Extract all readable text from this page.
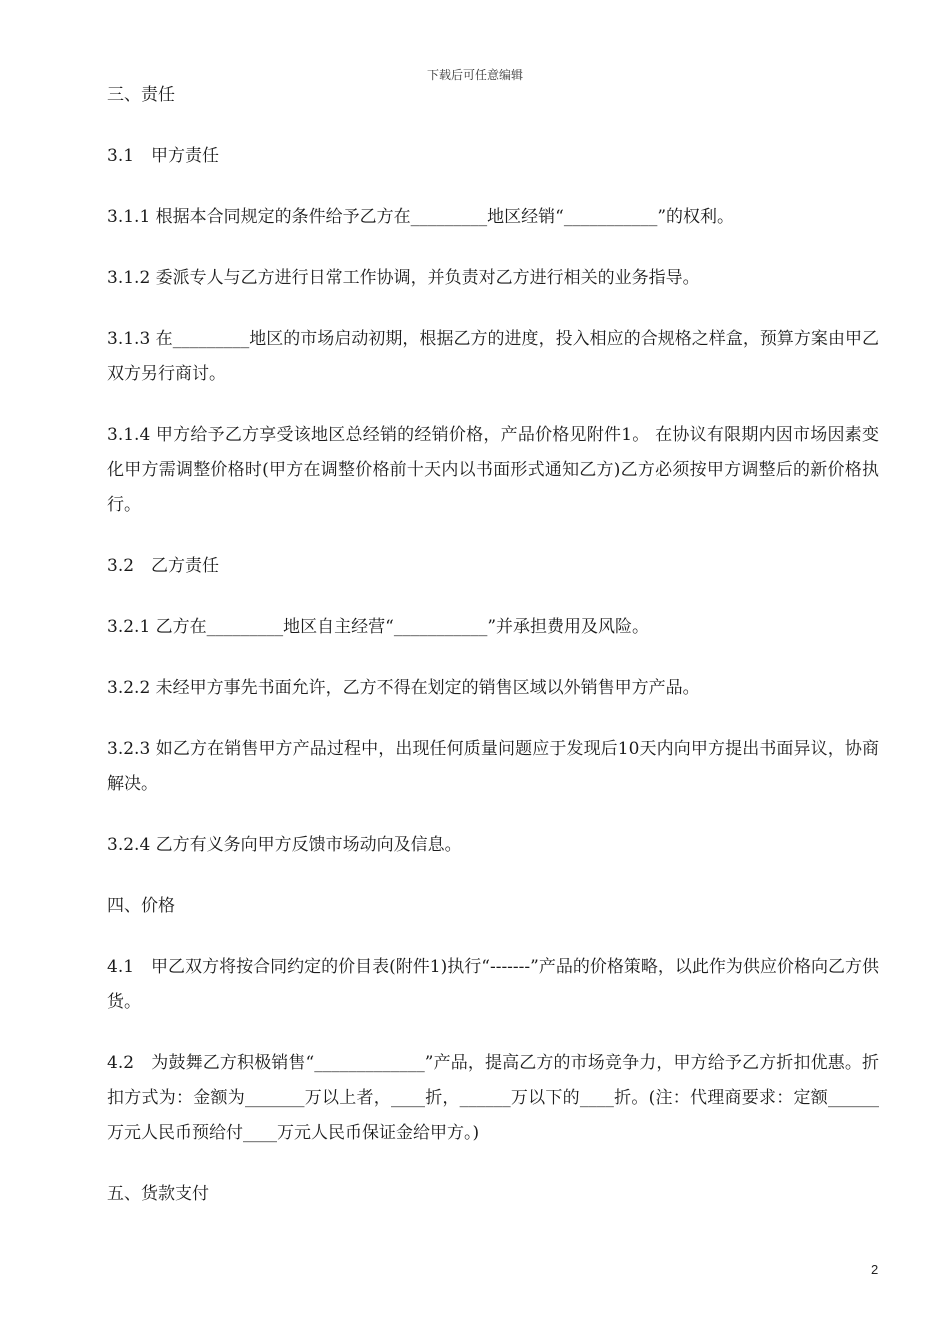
下载后可任意编辑

三、责任

3.1　甲方责任

3.1.1 根据本合同规定的条件给予乙方在_________地区经销“___________”的权利。

3.1.2 委派专人与乙方进行日常工作协调，并负责对乙方进行相关的业务指导。

3.1.3 在_________地区的市场启动初期，根据乙方的进度，投入相应的合规格之样盒，预算方案由甲乙双方另行商讨。

3.1.4 甲方给予乙方享受该地区总经销的经销价格，产品价格见附件1。 在协议有限期内因市场因素变化甲方需调整价格时(甲方在调整价格前十天内以书面形式通知乙方)乙方必须按甲方调整后的新价格执行。

3.2　乙方责任

3.2.1 乙方在_________地区自主经营“___________”并承担费用及风险。

3.2.2 未经甲方事先书面允许，乙方不得在划定的销售区域以外销售甲方产品。

3.2.3 如乙方在销售甲方产品过程中，出现任何质量问题应于发现后10天内向甲方提出书面异议，协商解决。

3.2.4 乙方有义务向甲方反馈市场动向及信息。

四、价格

4.1　甲乙双方将按合同约定的价目表(附件1)执行“-------”产品的价格策略，以此作为供应价格向乙方供货。

4.2　为鼓舞乙方积极销售“_____________”产品，提高乙方的市场竞争力，甲方给予乙方折扣优惠。折扣方式为：金额为_______万以上者，____折，______万以下的____折。(注：代理商要求：定额______万元人民币预给付____万元人民币保证金给甲方。)

五、货款支付

2
